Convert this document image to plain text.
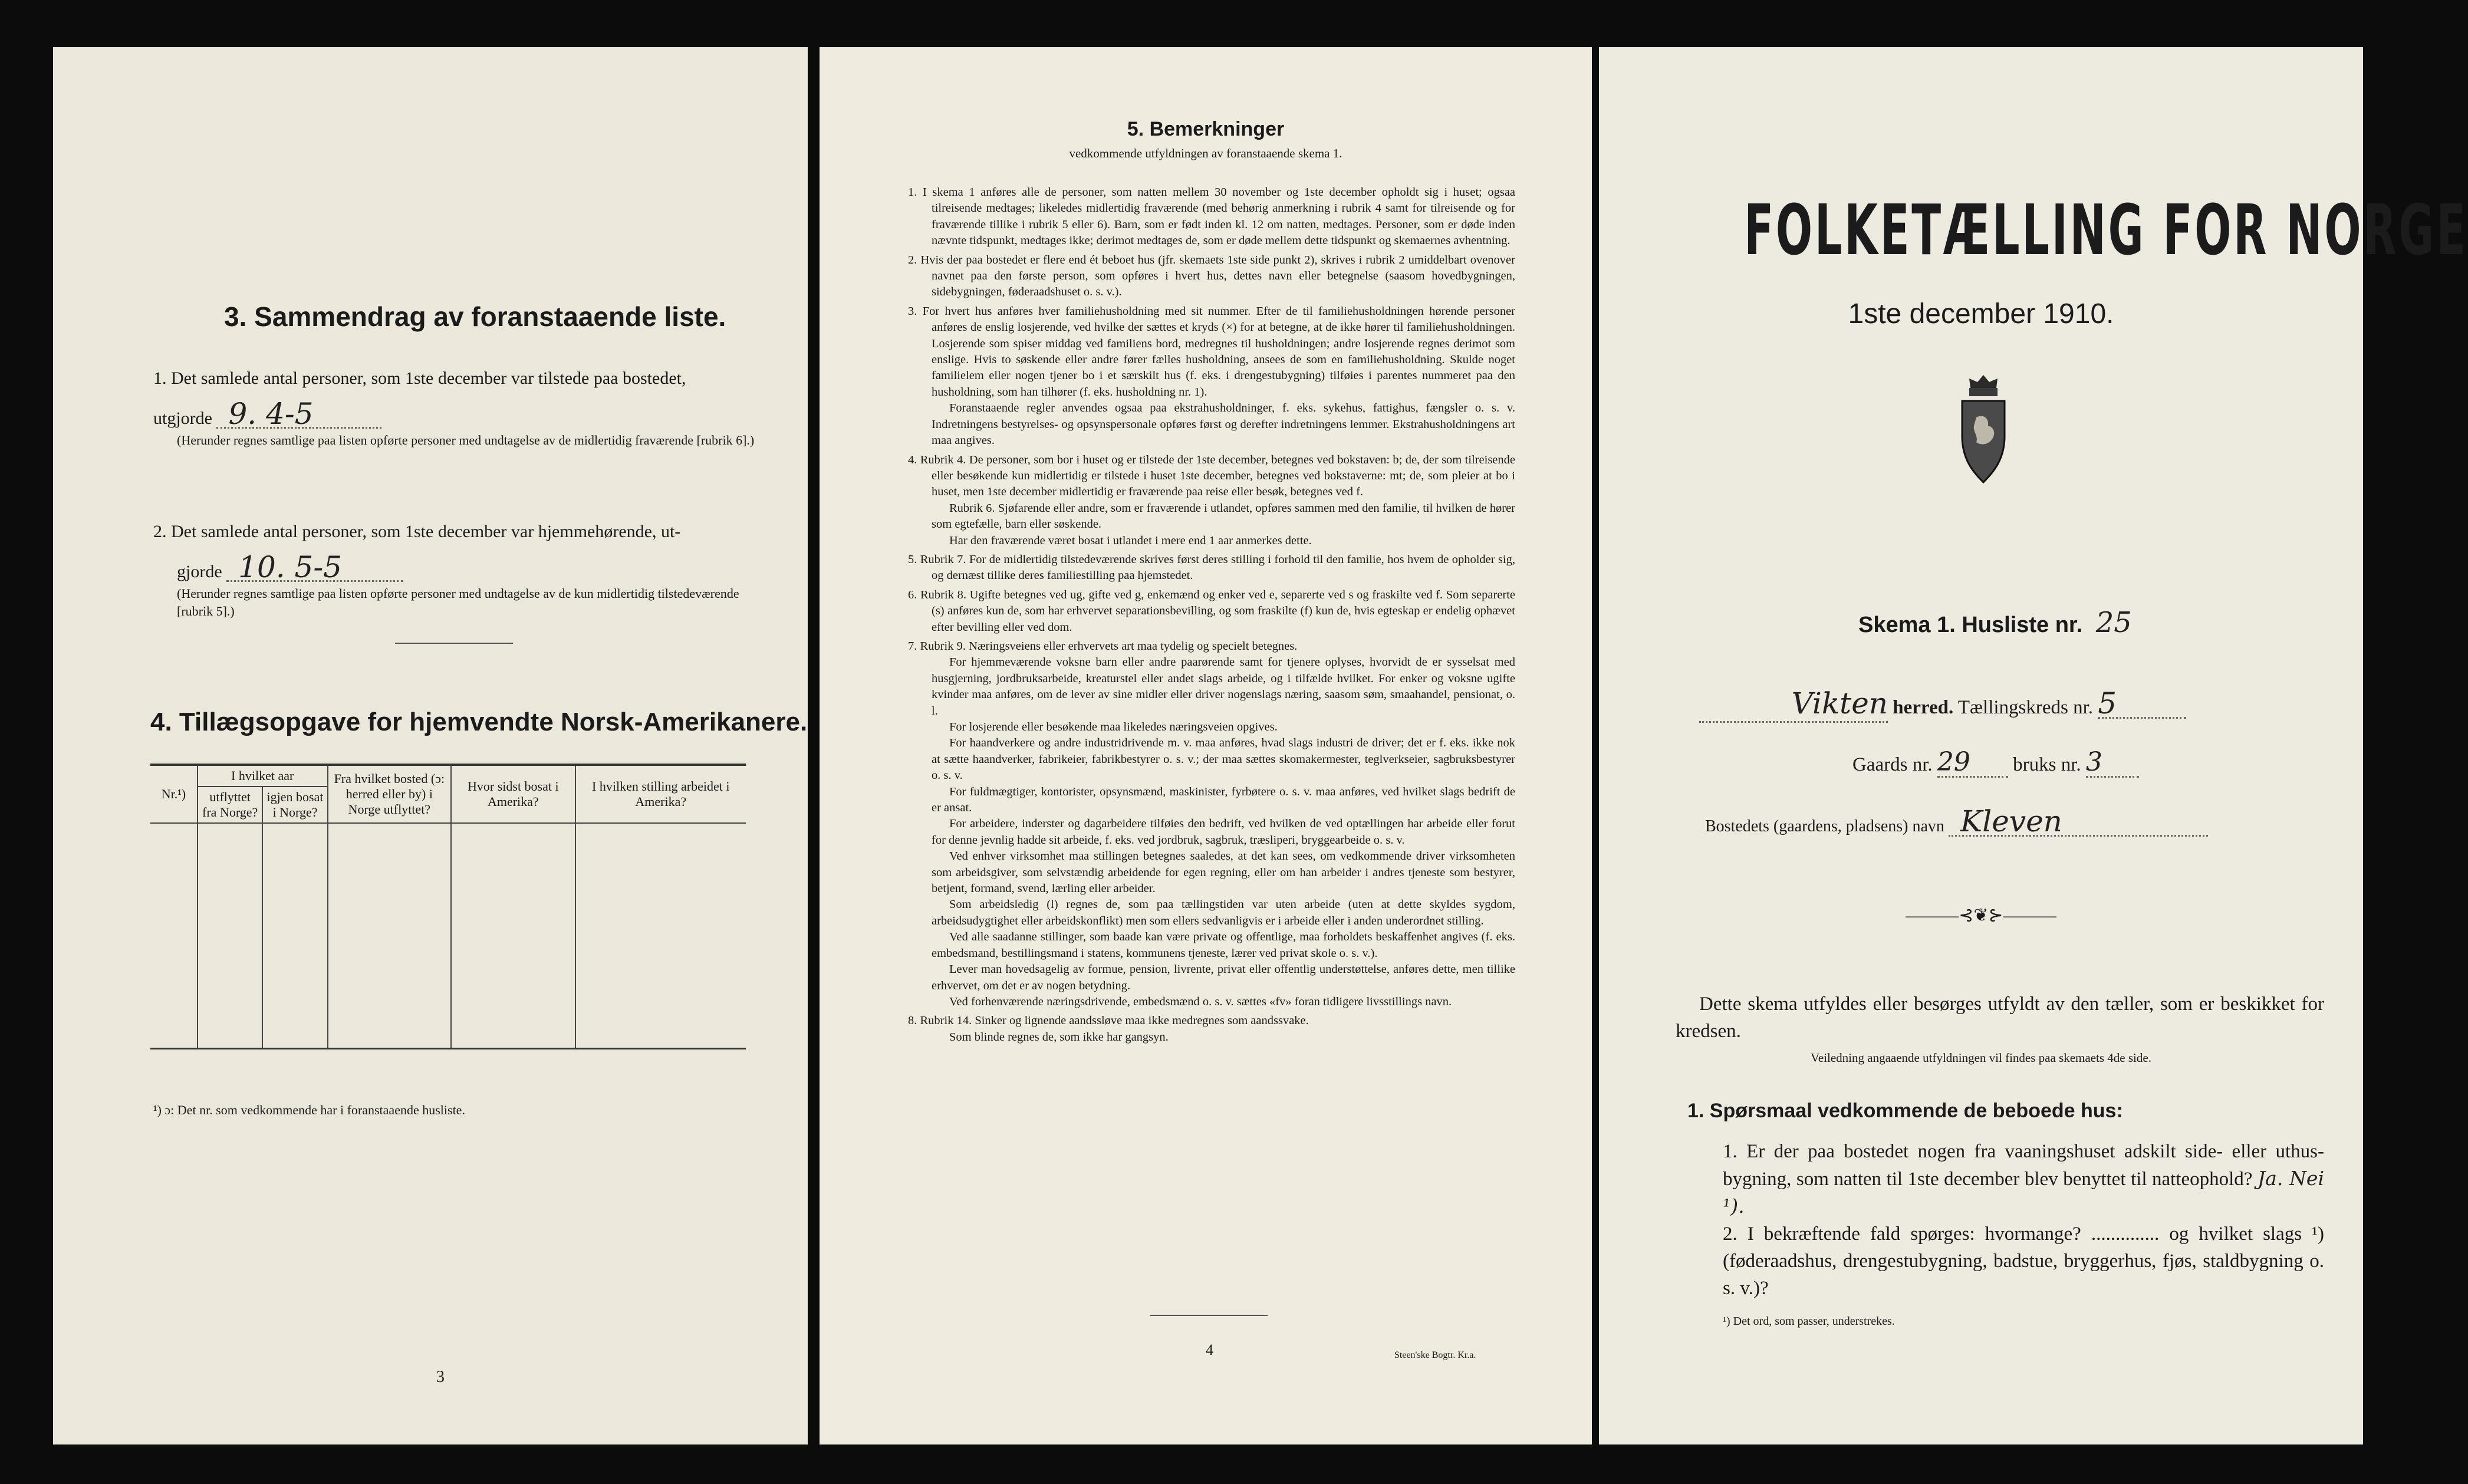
3. Sammendrag av foranstaaende liste.
1. Det samlede antal personer, som 1ste december var tilstede paa bostedet,
utgjorde 9. 4-5
(Herunder regnes samtlige paa listen opførte personer med undtagelse av de midlertidig fraværende [rubrik 6].)
2. Det samlede antal personer, som 1ste december var hjemmehørende, ut-
gjorde 10. 5-5
(Herunder regnes samtlige paa listen opførte personer med undtagelse av de kun midlertidig tilstedeværende [rubrik 5].)
4. Tillægsopgave for hjemvendte Norsk-Amerikanere.
Nr.¹)	I hvilket aar		Fra hvilket bosted (ɔ: herred eller by) i Norge utflyttet?	Hvor sidst bosat i Amerika?	I hvilken stilling arbeidet i Amerika?
	utflyttet fra Norge?	igjen bosat i Norge?			

¹) ɔ: Det nr. som vedkommende har i foranstaaende husliste.
3
5. Bemerkninger
vedkommende utfyldningen av foranstaaende skema 1.
1. I skema 1 anføres alle de personer, som natten mellem 30 november og 1ste december opholdt sig i huset; ogsaa tilreisende medtages; likeledes midlertidig fraværende (med behørig anmerkning i rubrik 4 samt for tilreisende og for fraværende tillike i rubrik 5 eller 6). Barn, som er født inden kl. 12 om natten, medtages. Personer, som er døde inden nævnte tidspunkt, medtages ikke; derimot medtages de, som er døde mellem dette tidspunkt og skemaernes avhentning.
2. Hvis der paa bostedet er flere end ét beboet hus (jfr. skemaets 1ste side punkt 2), skrives i rubrik 2 umiddelbart ovenover navnet paa den første person, som opføres i hvert hus, dettes navn eller betegnelse (saasom hovedbygningen, sidebygningen, føderaadshuset o. s. v.).
3. For hvert hus anføres hver familiehusholdning med sit nummer. Efter de til familiehusholdningen hørende personer anføres de enslig losjerende, ved hvilke der sættes et kryds (×) for at betegne, at de ikke hører til familiehusholdningen. Losjerende som spiser middag ved familiens bord, medregnes til husholdningen; andre losjerende regnes derimot som enslige. Hvis to søskende eller andre fører fælles husholdning, ansees de som en familiehusholdning. Skulde noget familielem eller nogen tjener bo i et særskilt hus (f. eks. i drengestubygning) tilføies i parentes nummeret paa den husholdning, som han tilhører (f. eks. husholdning nr. 1).
Foranstaaende regler anvendes ogsaa paa ekstrahusholdninger, f. eks. sykehus, fattighus, fængsler o. s. v. Indretningens bestyrelses- og opsynspersonale opføres først og derefter indretningens lemmer. Ekstrahusholdningens art maa angives.
4. Rubrik 4. De personer, som bor i huset og er tilstede der 1ste december, betegnes ved bokstaven: b; de, der som tilreisende eller besøkende kun midlertidig er tilstede i huset 1ste december, betegnes ved bokstaverne: mt; de, som pleier at bo i huset, men 1ste december midlertidig er fraværende paa reise eller besøk, betegnes ved f.
Rubrik 6. Sjøfarende eller andre, som er fraværende i utlandet, opføres sammen med den familie, til hvilken de hører som egtefælle, barn eller søskende.
Har den fraværende været bosat i utlandet i mere end 1 aar anmerkes dette.
5. Rubrik 7. For de midlertidig tilstedeværende skrives først deres stilling i forhold til den familie, hos hvem de opholder sig, og dernæst tillike deres familiestilling paa hjemstedet.
6. Rubrik 8. Ugifte betegnes ved ug, gifte ved g, enkemænd og enker ved e, separerte ved s og fraskilte ved f. Som separerte (s) anføres kun de, som har erhvervet separationsbevilling, og som fraskilte (f) kun de, hvis egteskap er endelig ophævet efter bevilling eller ved dom.
7. Rubrik 9. Næringsveiens eller erhvervets art maa tydelig og specielt betegnes.
For hjemmeværende voksne barn eller andre paarørende samt for tjenere oplyses, hvorvidt de er sysselsat med husgjerning, jordbruksarbeide, kreaturstel eller andet slags arbeide, og i tilfælde hvilket. For enker og voksne ugifte kvinder maa anføres, om de lever av sine midler eller driver nogenslags næring, saasom søm, smaahandel, pensionat, o. l.
For losjerende eller besøkende maa likeledes næringsveien opgives.
For haandverkere og andre industridrivende m. v. maa anføres, hvad slags industri de driver; det er f. eks. ikke nok at sætte haandverker, fabrikeier, fabrikbestyrer o. s. v.; der maa sættes skomakermester, teglverkseier, sagbruksbestyrer o. s. v.
For fuldmægtiger, kontorister, opsynsmænd, maskinister, fyrbøtere o. s. v. maa anføres, ved hvilket slags bedrift de er ansat.
For arbeidere, inderster og dagarbeidere tilføies den bedrift, ved hvilken de ved optællingen har arbeide eller forut for denne jevnlig hadde sit arbeide, f. eks. ved jordbruk, sagbruk, træsliperi, bryggearbeide o. s. v.
Ved enhver virksomhet maa stillingen betegnes saaledes, at det kan sees, om vedkommende driver virksomheten som arbeidsgiver, som selvstændig arbeidende for egen regning, eller om han arbeider i andres tjeneste som bestyrer, betjent, formand, svend, lærling eller arbeider.
Som arbeidsledig (l) regnes de, som paa tællingstiden var uten arbeide (uten at dette skyldes sygdom, arbeidsudygtighet eller arbeidskonflikt) men som ellers sedvanligvis er i arbeide eller i anden underordnet stilling.
Ved alle saadanne stillinger, som baade kan være private og offentlige, maa forholdets beskaffenhet angives (f. eks. embedsmand, bestillingsmand i statens, kommunens tjeneste, lærer ved privat skole o. s. v.).
Lever man hovedsagelig av formue, pension, livrente, privat eller offentlig understøttelse, anføres dette, men tillike erhvervet, om det er av nogen betydning.
Ved forhenværende næringsdrivende, embedsmænd o. s. v. sættes «fv» foran tidligere livsstillings navn.
8. Rubrik 14. Sinker og lignende aandssløve maa ikke medregnes som aandssvake.
Som blinde regnes de, som ikke har gangsyn.
4	Steen'ske Bogtr. Kr.a.
FOLKETÆLLING FOR NORGE
1ste december 1910.
Skema 1. Husliste nr. 25
Vikten herred. Tællingskreds nr. 5
Gaards nr. 29 bruks nr. 3
Bostedets (gaardens, pladsens) navn Kleven
———⊰❦⊱———
Dette skema utfyldes eller besørges utfyldt av den tæller, som er beskikket for kredsen.
Veiledning angaaende utfyldningen vil findes paa skemaets 4de side.
1. Spørsmaal vedkommende de beboede hus:
1. Er der paa bostedet nogen fra vaaningshuset adskilt side- eller uthus-bygning, som natten til 1ste december blev benyttet til natteophold? Ja. Nei ¹).
2. I bekræftende fald spørges: hvormange? .............. og hvilket slags ¹) (føderaadshus, drengestubygning, badstue, bryggerhus, fjøs, staldbygning o. s. v.)?
¹) Det ord, som passer, understrekes.
